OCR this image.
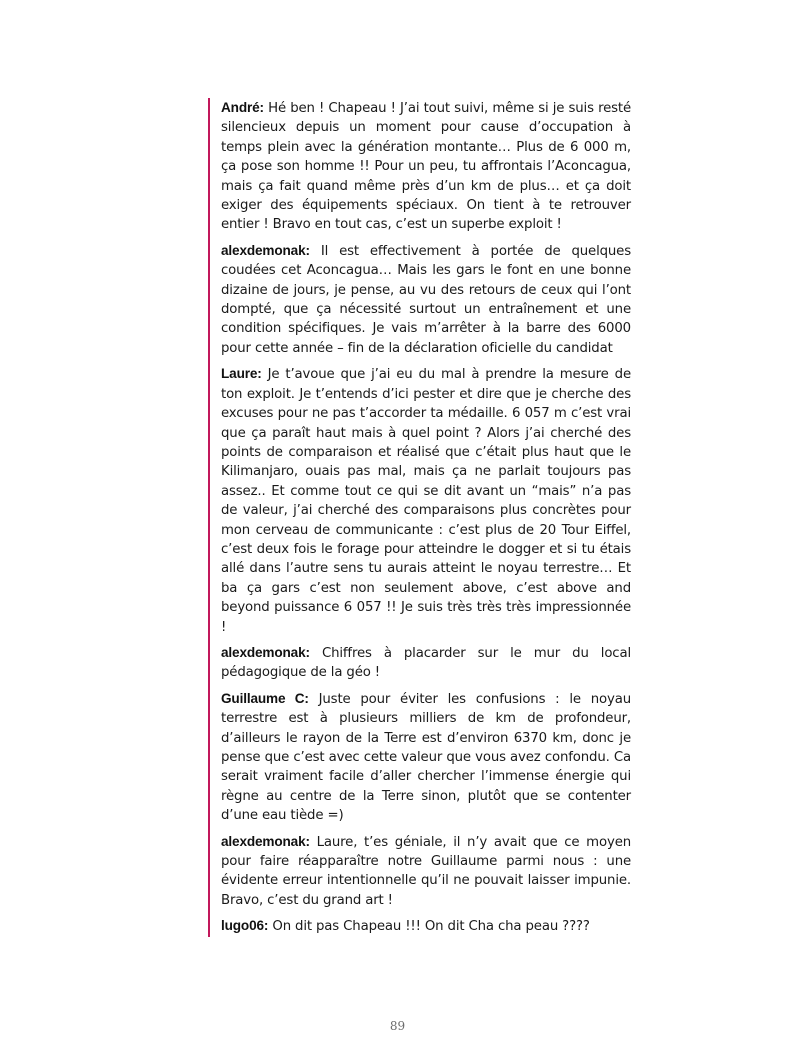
André: Hé ben ! Chapeau ! J’ai tout suivi, même si je suis resté silencieux depuis un moment pour cause d’occupation à temps plein avec la génération montante… Plus de 6 000 m, ça pose son homme !! Pour un peu, tu affrontais l’Aconcagua, mais ça fait quand même près d’un km de plus… et ça doit exiger des équipements spéciaux. On tient à te retrouver entier ! Bravo en tout cas, c’est un superbe exploit !

alexdemonak: Il est effectivement à portée de quelques coudées cet Aconcagua… Mais les gars le font en une bonne dizaine de jours, je pense, au vu des retours de ceux qui l’ont dompté, que ça nécessité surtout un entraînement et une condition spécifiques. Je vais m’arrêter à la barre des 6000 pour cette année – fin de la déclaration oficielle du candidat

Laure: Je t’avoue que j’ai eu du mal à prendre la mesure de ton exploit. Je t’entends d’ici pester et dire que je cherche des excuses pour ne pas t’accorder ta médaille. 6 057 m c’est vrai que ça paraît haut mais à quel point ? Alors j’ai cherché des points de comparaison et réalisé que c’était plus haut que le Kilimanjaro, ouais pas mal, mais ça ne parlait toujours pas assez.. Et comme tout ce qui se dit avant un “mais” n’a pas de valeur, j’ai cherché des comparaisons plus concrètes pour mon cerveau de communicante : c’est plus de 20 Tour Eiffel, c’est deux fois le forage pour atteindre le dogger et si tu étais allé dans l’autre sens tu aurais atteint le noyau terrestre… Et ba ça gars c’est non seulement above, c’est above and beyond puissance 6 057 !! Je suis très très très impressionnée !

alexdemonak: Chiffres à placarder sur le mur du local pédagogique de la géo !

Guillaume C: Juste pour éviter les confusions : le noyau terrestre est à plusieurs milliers de km de profondeur, d’ailleurs le rayon de la Terre est d’environ 6370 km, donc je pense que c’est avec cette valeur que vous avez confondu. Ca serait vraiment facile d’aller chercher l’immense énergie qui règne au centre de la Terre sinon, plutôt que se contenter d’une eau tiède =)

alexdemonak: Laure, t’es géniale, il n’y avait que ce moyen pour faire réapparaître notre Guillaume parmi nous : une évidente erreur intentionnelle qu’il ne pouvait laisser impunie. Bravo, c’est du grand art !

lugo06: On dit pas Chapeau !!! On dit Cha cha peau ????

89
